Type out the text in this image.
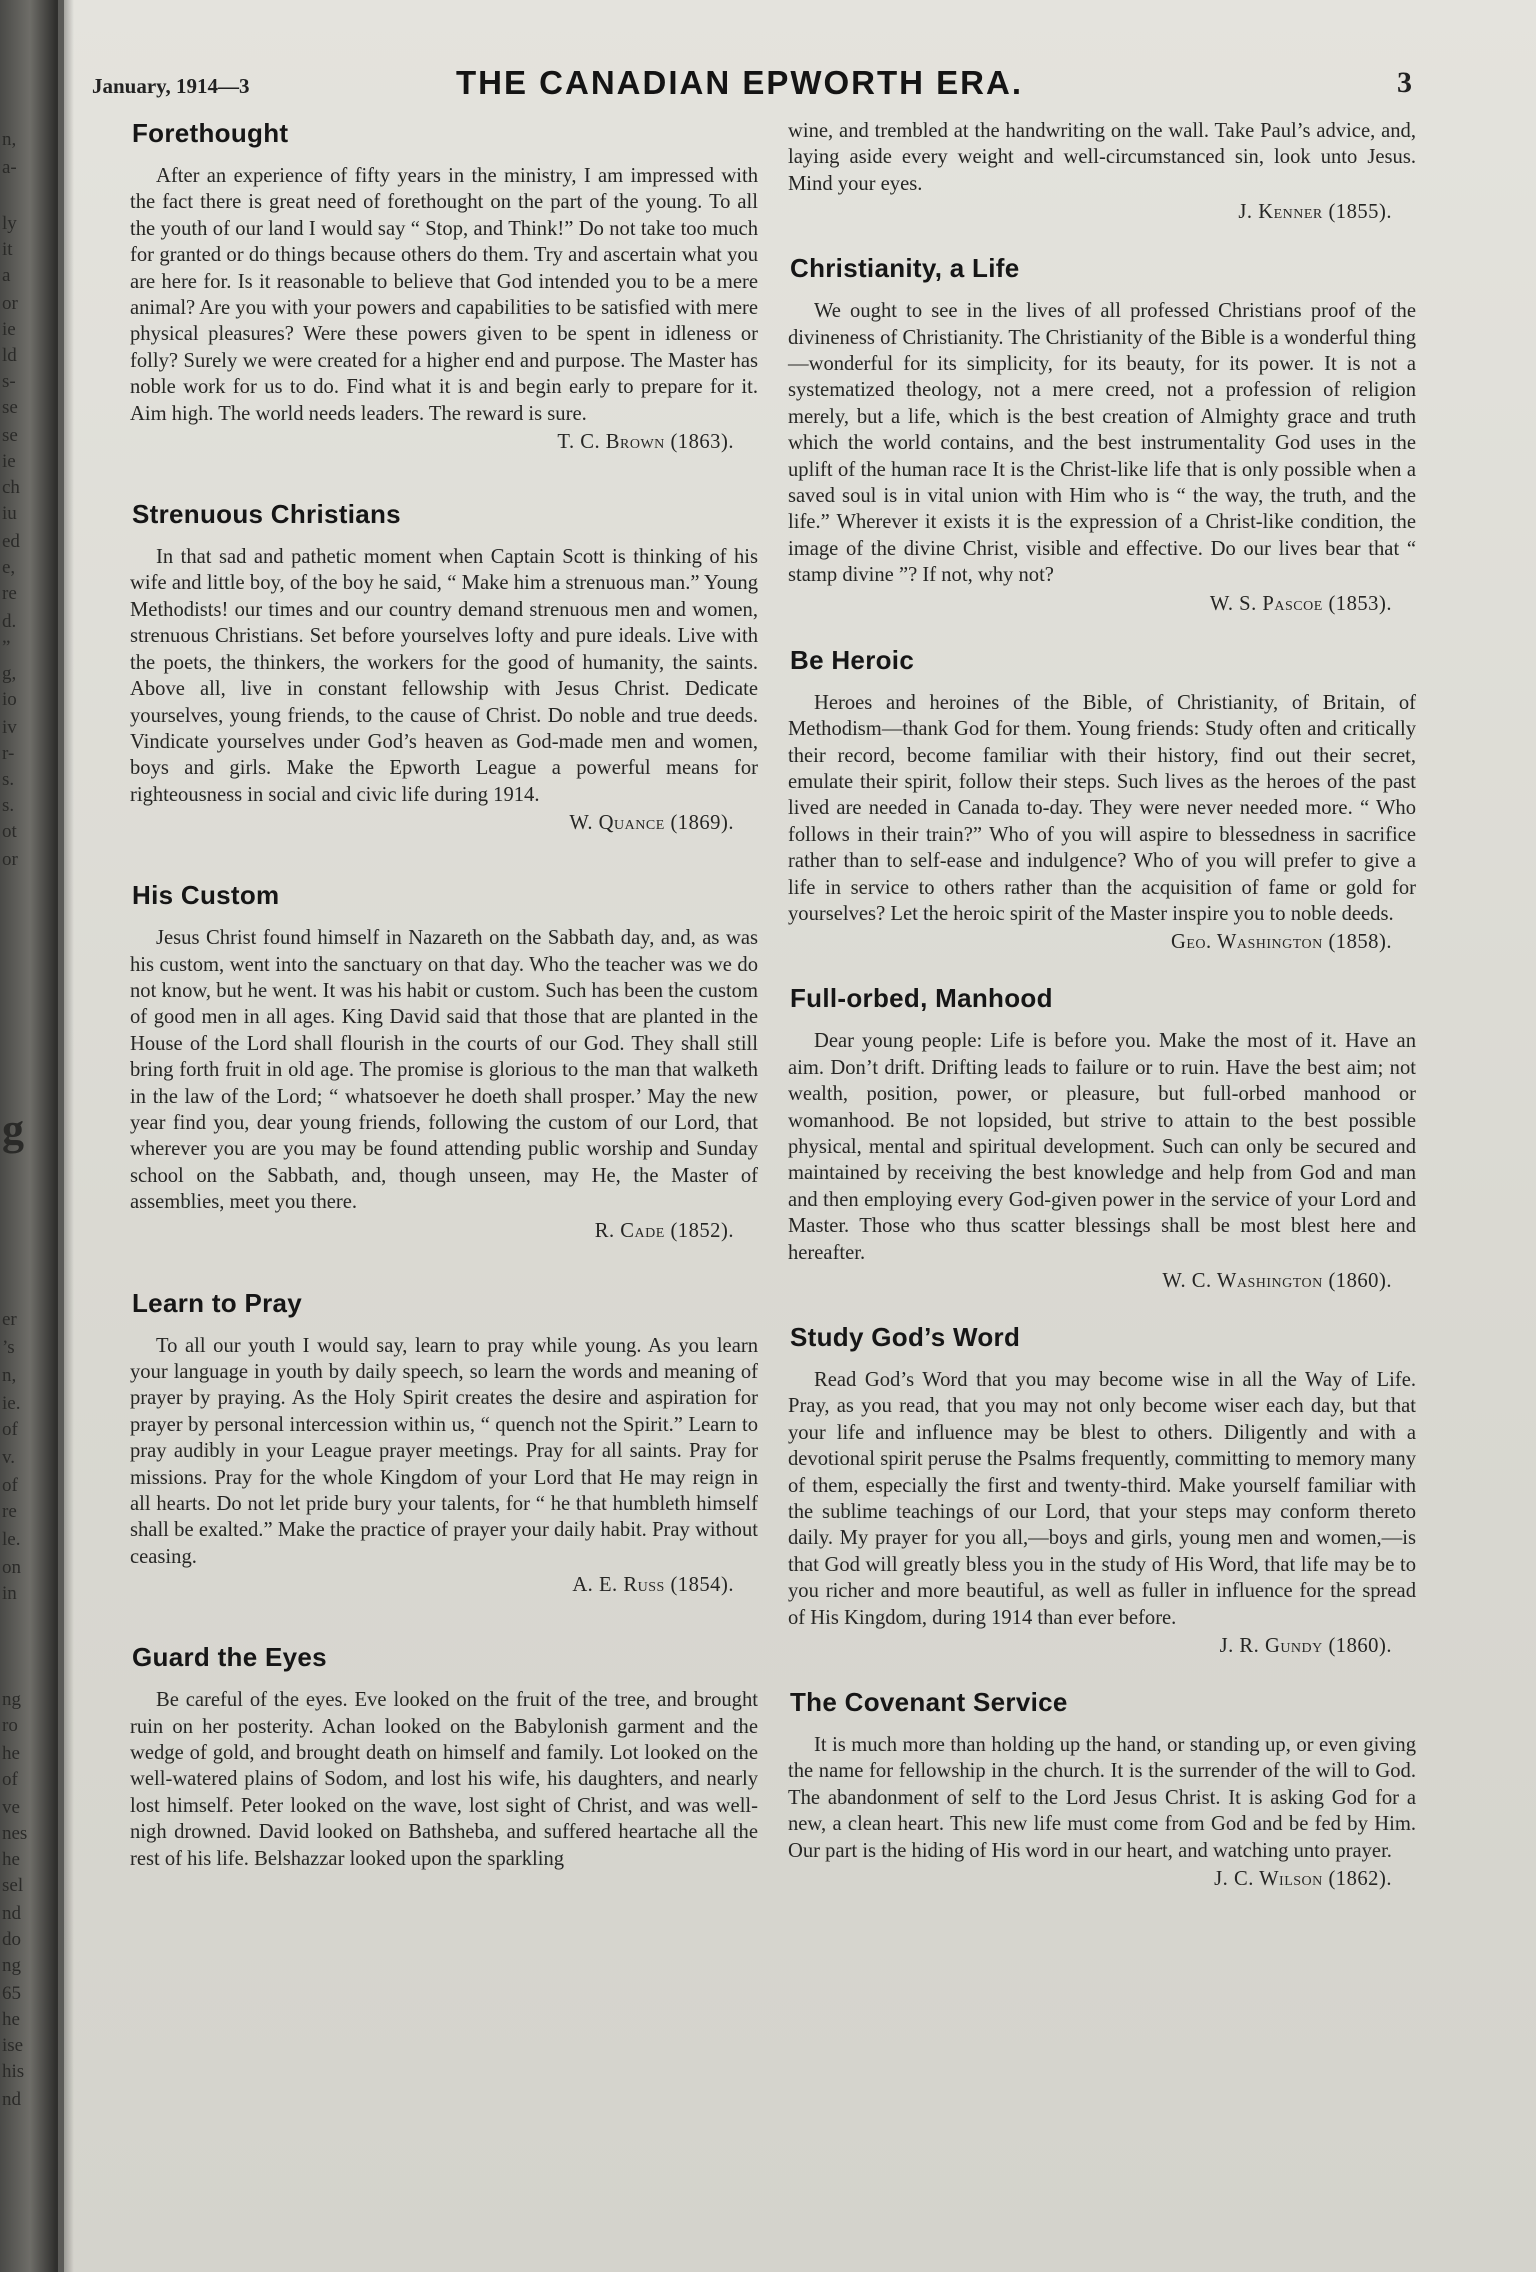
n,
a-
ly
it
a
or
ie
ld
s-
se
se
ie
ch
iu
ed
e,
re
d.
”
g,
io
iv
r-
s.
s.
ot
or
g
er
’s
n,
ie.
of
v.
of
re
le.
on
in
ng
ro
he
of
ve
nes
he
sel
nd
do
ng
65
he
ise
his
nd
January, 1914—3	THE CANADIAN EPWORTH ERA.	3
Forethought

After an experience of fifty years in the ministry, I am impressed with the fact there is great need of forethought on the part of the young. To all the youth of our land I would say “ Stop, and Think!” Do not take too much for granted or do things because others do them. Try and ascertain what you are here for. Is it reasonable to believe that God intended you to be a mere animal? Are you with your powers and capabilities to be satisfied with mere physical pleasures? Were these powers given to be spent in idleness or folly? Surely we were created for a higher end and purpose. The Master has noble work for us to do. Find what it is and begin early to prepare for it. Aim high. The world needs leaders. The reward is sure.

T. C. Brown (1863).
Strenuous Christians

In that sad and pathetic moment when Captain Scott is thinking of his wife and little boy, of the boy he said, “ Make him a strenuous man.” Young Methodists! our times and our country demand strenuous men and women, strenuous Christians. Set before yourselves lofty and pure ideals. Live with the poets, the thinkers, the workers for the good of humanity, the saints. Above all, live in constant fellowship with Jesus Christ. Dedicate yourselves, young friends, to the cause of Christ. Do noble and true deeds. Vindicate yourselves under God’s heaven as God-made men and women, boys and girls. Make the Epworth League a powerful means for righteousness in social and civic life during 1914.

W. Quance (1869).
His Custom

Jesus Christ found himself in Nazareth on the Sabbath day, and, as was his custom, went into the sanctuary on that day. Who the teacher was we do not know, but he went. It was his habit or custom. Such has been the custom of good men in all ages. King David said that those that are planted in the House of the Lord shall flourish in the courts of our God. They shall still bring forth fruit in old age. The promise is glorious to the man that walketh in the law of the Lord; “ whatsoever he doeth shall prosper.’ May the new year find you, dear young friends, following the custom of our Lord, that wherever you are you may be found attending public worship and Sunday school on the Sabbath, and, though unseen, may He, the Master of assemblies, meet you there.

R. Cade (1852).
Learn to Pray

To all our youth I would say, learn to pray while young. As you learn your language in youth by daily speech, so learn the words and meaning of prayer by praying. As the Holy Spirit creates the desire and aspiration for prayer by personal intercession within us, “ quench not the Spirit.” Learn to pray audibly in your League prayer meetings. Pray for all saints. Pray for missions. Pray for the whole Kingdom of your Lord that He may reign in all hearts. Do not let pride bury your talents, for “ he that humbleth himself shall be exalted.” Make the practice of prayer your daily habit. Pray without ceasing.

A. E. Russ (1854).
Guard the Eyes

Be careful of the eyes. Eve looked on the fruit of the tree, and brought ruin on her posterity. Achan looked on the Babylonish garment and the wedge of gold, and brought death on himself and family. Lot looked on the well-watered plains of Sodom, and lost his wife, his daughters, and nearly lost himself. Peter looked on the wave, lost sight of Christ, and was well-nigh drowned. David looked on Bathsheba, and suffered heartache all the rest of his life. Belshazzar looked upon the sparkling

wine, and trembled at the handwriting on the wall. Take Paul’s advice, and, laying aside every weight and well-circumstanced sin, look unto Jesus. Mind your eyes.

J. Kenner (1855).
Christianity, a Life

We ought to see in the lives of all professed Christians proof of the divineness of Christianity. The Christianity of the Bible is a wonderful thing—wonderful for its simplicity, for its beauty, for its power. It is not a systematized theology, not a mere creed, not a profession of religion merely, but a life, which is the best creation of Almighty grace and truth which the world contains, and the best instrumentality God uses in the uplift of the human race It is the Christ-like life that is only possible when a saved soul is in vital union with Him who is “ the way, the truth, and the life.” Wherever it exists it is the expression of a Christ-like condition, the image of the divine Christ, visible and effective. Do our lives bear that “ stamp divine ”? If not, why not?

W. S. Pascoe (1853).
Be Heroic

Heroes and heroines of the Bible, of Christianity, of Britain, of Methodism—thank God for them. Young friends: Study often and critically their record, become familiar with their history, find out their secret, emulate their spirit, follow their steps. Such lives as the heroes of the past lived are needed in Canada to-day. They were never needed more. “ Who follows in their train?” Who of you will aspire to blessedness in sacrifice rather than to self-ease and indulgence? Who of you will prefer to give a life in service to others rather than the acquisition of fame or gold for yourselves? Let the heroic spirit of the Master inspire you to noble deeds.

Geo. Washington (1858).
Full-orbed, Manhood

Dear young people: Life is before you. Make the most of it. Have an aim. Don’t drift. Drifting leads to failure or to ruin. Have the best aim; not wealth, position, power, or pleasure, but full-orbed manhood or womanhood. Be not lopsided, but strive to attain to the best possible physical, mental and spiritual development. Such can only be secured and maintained by receiving the best knowledge and help from God and man and then employing every God-given power in the service of your Lord and Master. Those who thus scatter blessings shall be most blest here and hereafter.

W. C. Washington (1860).
Study God’s Word

Read God’s Word that you may become wise in all the Way of Life. Pray, as you read, that you may not only become wiser each day, but that your life and influence may be blest to others. Diligently and with a devotional spirit peruse the Psalms frequently, committing to memory many of them, especially the first and twenty-third. Make yourself familiar with the sublime teachings of our Lord, that your steps may conform thereto daily. My prayer for you all,—boys and girls, young men and women,—is that God will greatly bless you in the study of His Word, that life may be to you richer and more beautiful, as well as fuller in influence for the spread of His Kingdom, during 1914 than ever before.

J. R. Gundy (1860).
The Covenant Service

It is much more than holding up the hand, or standing up, or even giving the name for fellowship in the church. It is the surrender of the will to God. The abandonment of self to the Lord Jesus Christ. It is asking God for a new, a clean heart. This new life must come from God and be fed by Him. Our part is the hiding of His word in our heart, and watching unto prayer.

J. C. Wilson (1862).
